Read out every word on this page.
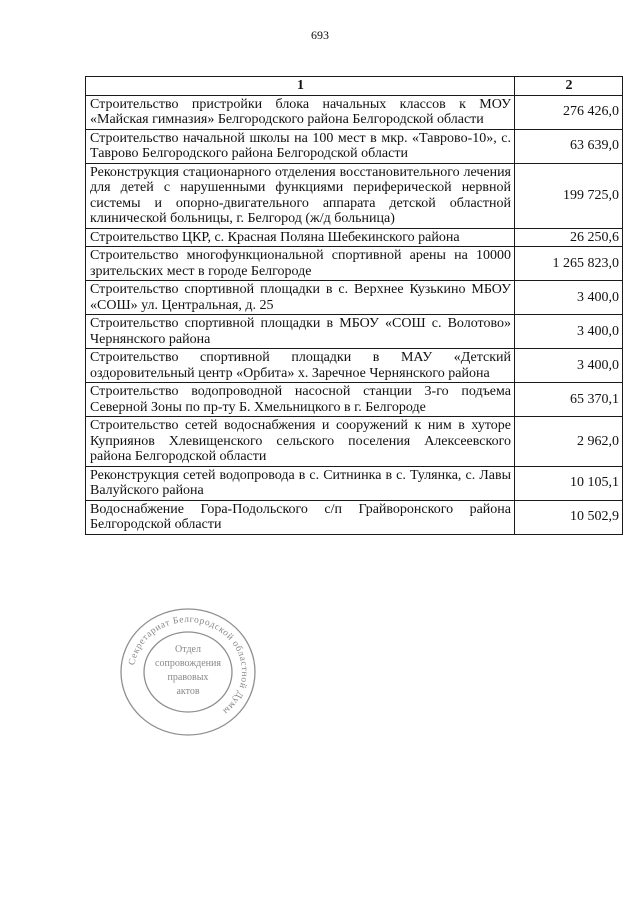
693
1	2
Строительство пристройки блока начальных классов к МОУ «Майская гимназия» Белгородского района Белгородской области	276 426,0
Строительство начальной школы на 100 мест в мкр. «Таврово-10», с. Таврово Белгородского района Белгородской области	63 639,0
Реконструкция стационарного отделения восстановительного лечения для детей с нарушенными функциями периферической нервной системы и опорно-двигательного аппарата детской областной клинической больницы, г. Белгород (ж/д больница)	199 725,0
Строительство ЦКР, с. Красная Поляна Шебекинского района	26 250,6
Строительство многофункциональной спортивной арены на 10000 зрительских мест в городе Белгороде	1 265 823,0
Строительство спортивной площадки в с. Верхнее Кузькино МБОУ «СОШ» ул. Центральная, д. 25	3 400,0
Строительство спортивной площадки в МБОУ «СОШ с. Волотово» Чернянского района	3 400,0
Строительство спортивной площадки в МАУ «Детский оздоровительный центр «Орбита» х. Заречное Чернянского района	3 400,0
Строительство водопроводной насосной станции 3-го подъема Северной Зоны по пр-ту Б. Хмельницкого в г. Белгороде	65 370,1
Строительство сетей водоснабжения и сооружений к ним в хуторе Куприянов Хлевищенского сельского поселения Алексеевского района Белгородской области	2 962,0
Реконструкция сетей водопровода в с. Ситнинка в с. Тулянка, с. Лавы Валуйского района	10 105,1
Водоснабжение Гора-Подольского с/п Грайворонского района Белгородской области	10 502,9
Секретариат Белгородской областной Думы
Отдел
сопровождения
правовых
актов
